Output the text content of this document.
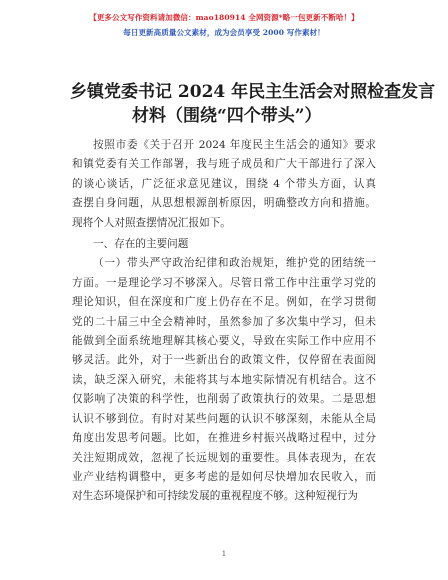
【更多公文写作资料请加微信：mao180914 全网资源*略一包更新不断哈！】
每日更新高质量公文素材，成为会员享受 2000 写作素材！
乡镇党委书记 2024 年民主生活会对照检查发言
材料（围绕“四个带头”）
按照市委《关于召开 2024 年度民主生活会的通知》要求
和镇党委有关工作部署，我与班子成员和广大干部进行了深入
的谈心谈话，广泛征求意见建议，围绕 4 个带头方面，认真
查摆自身问题，从思想根源剖析原因，明确整改方向和措施。
现将个人对照查摆情况汇报如下。
一、存在的主要问题
（一）带头严守政治纪律和政治规矩，维护党的团结统一
方面。一是理论学习不够深入。尽管日常工作中注重学习党的
理论知识，但在深度和广度上仍存在不足。例如，在学习贯彻
党的二十届三中全会精神时，虽然参加了多次集中学习，但未
能做到全面系统地理解其核心要义，导致在实际工作中应用不
够灵活。此外，对于一些新出台的政策文件，仅停留在表面阅
读，缺乏深入研究，未能将其与本地实际情况有机结合。这不
仅影响了决策的科学性，也削弱了政策执行的效果。二是思想
认识不够到位。有时对某些问题的认识不够深刻，未能从全局
角度出发思考问题。比如，在推进乡村振兴战略过程中，过分
关注短期成效，忽视了长远规划的重要性。具体表现为，在农
业产业结构调整中，更多考虑的是如何尽快增加农民收入，而
对生态环境保护和可持续发展的重视程度不够。这种短视行为
1
